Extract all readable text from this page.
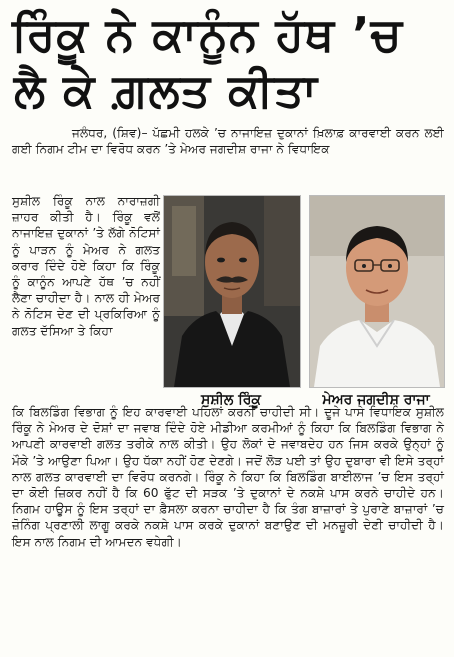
ਰਿੰਕੂ ਨੇ ਕਾਨੂੰਨ ਹੱਥ ’ਚ
ਲੈ ਕੇ ਗ਼ਲਤ ਕੀਤਾ

ਜਲੰਧਰ, (ਸ਼ਿਵ)– ਪੱਛਮੀ ਹਲਕੇ ’ਚ ਨਾਜਾਇਜ਼ ਦੁਕਾਨਾਂ ਖ਼ਿਲਾਫ਼ ਕਾਰਵਾਈ ਕਰਨ ਲਈ ਗਈ ਨਿਗਮ ਟੀਮ ਦਾ ਵਿਰੋਧ ਕਰਨ ’ਤੇ ਮੇਅਰ ਜਗਦੀਸ਼ ਰਾਜਾ ਨੇ ਵਿਧਾਇਕ

ਸੁਸ਼ੀਲ ਰਿੰਕੂ ਨਾਲ ਨਾਰਾਜ਼ਗੀ ਜ਼ਾਹਰ ਕੀਤੀ ਹੈ। ਰਿੰਕੂ ਵਲੋਂ ਨਾਜਾਇਜ਼ ਦੁਕਾਨਾਂ ’ਤੇ ਲੱਗੇ ਨੋਟਿਸਾਂ ਨੂੰ ਪਾੜਨ ਨੂੰ ਮੇਅਰ ਨੇ ਗਲਤ ਕਰਾਰ ਦਿੰਦੇ ਹੋਏ ਕਿਹਾ ਕਿ ਰਿੰਕੂ ਨੂੰ ਕਾਨੂੰਨ ਆਪਣੇ ਹੱਥ ’ਚ ਨਹੀਂ ਲੈਣਾ ਚਾਹੀਦਾ ਹੈ। ਨਾਲ ਹੀ ਮੇਅਰ ਨੇ ਨੋਟਿਸ ਦੇਣ ਦੀ ਪ੍ਰਕਿਰਿਆ ਨੂੰ ਗਲਤ ਦੱਸਿਆ ਤੇ ਕਿਹਾ

ਸੁਸ਼ੀਲ ਰਿੰਕੂ	ਮੇਅਰ ਜਗਦੀਸ਼ ਰਾਜਾ

ਕਿ ਬਿਲਡਿੰਗ ਵਿਭਾਗ ਨੂੰ ਇਹ ਕਾਰਵਾਈ ਪਹਿਲਾਂ ਕਰਨੀ ਚਾਹੀਦੀ ਸੀ। ਦੂਜੇ ਪਾਸੇ ਵਿਧਾਇਕ ਸੁਸ਼ੀਲ ਰਿੰਕੂ ਨੇ ਮੇਅਰ ਦੇ ਦੋਸ਼ਾਂ ਦਾ ਜਵਾਬ ਦਿੰਦੇ ਹੋਏ ਮੀਡੀਆ ਕਰਮੀਆਂ ਨੂੰ ਕਿਹਾ ਕਿ ਬਿਲਡਿੰਗ ਵਿਭਾਗ ਨੇ ਆਪਣੀ ਕਾਰਵਾਈ ਗਲਤ ਤਰੀਕੇ ਨਾਲ ਕੀਤੀ। ਉਹ ਲੋਕਾਂ ਦੇ ਜਵਾਬਦੇਹ ਹਨ ਜਿਸ ਕਰਕੇ ਉਨ੍ਹਾਂ ਨੂੰ ਮੌਕੇ ’ਤੇ ਆਉਣਾ ਪਿਆ। ਉਹ ਧੱਕਾ ਨਹੀਂ ਹੋਣ ਦੇਣਗੇ। ਜਦੋਂ ਲੋੜ ਪਈ ਤਾਂ ਉਹ ਦੁਬਾਰਾ ਵੀ ਇਸੇ ਤਰ੍ਹਾਂ ਨਾਲ ਗਲਤ ਕਾਰਵਾਈ ਦਾ ਵਿਰੋਧ ਕਰਨਗੇ। ਰਿੰਕੂ ਨੇ ਕਿਹਾ ਕਿ ਬਿਲਡਿੰਗ ਬਾਈਲਾਜ ’ਚ ਇਸ ਤਰ੍ਹਾਂ ਦਾ ਕੋਈ ਜ਼ਿਕਰ ਨਹੀਂ ਹੈ ਕਿ 60 ਫੁੱਟ ਦੀ ਸੜਕ ’ਤੇ ਦੁਕਾਨਾਂ ਦੇ ਨਕਸ਼ੇ ਪਾਸ ਕਰਨੇ ਚਾਹੀਦੇ ਹਨ। ਨਿਗਮ ਹਾਊਸ ਨੂੰ ਇਸ ਤਰ੍ਹਾਂ ਦਾ ਫ਼ੈਸਲਾ ਕਰਨਾ ਚਾਹੀਦਾ ਹੈ ਕਿ ਤੰਗ ਬਾਜ਼ਾਰਾਂ ਤੇ ਪੁਰਾਣੇ ਬਾਜ਼ਾਰਾਂ ’ਚ ਜ਼ੋਨਿੰਗ ਪ੍ਰਣਾਲੀ ਲਾਗੂ ਕਰਕੇ ਨਕਸ਼ੇ ਪਾਸ ਕਰਕੇ ਦੁਕਾਨਾਂ ਬਣਾਉਣ ਦੀ ਮਨਜ਼ੂਰੀ ਦੇਣੀ ਚਾਹੀਦੀ ਹੈ। ਇਸ ਨਾਲ ਨਿਗਮ ਦੀ ਆਮਦਨ ਵਧੇਗੀ।
